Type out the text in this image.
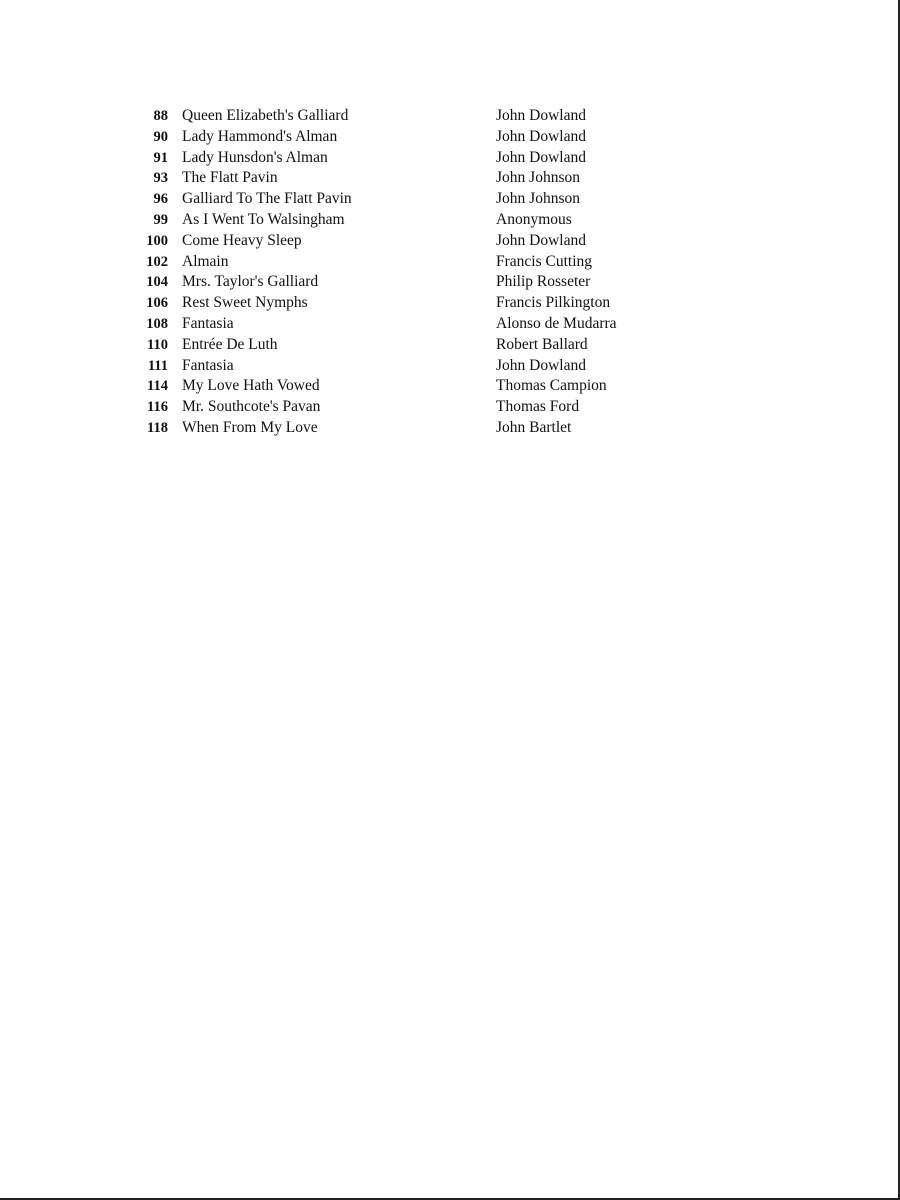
88 Queen Elizabeth's Galliard	John Dowland
90 Lady Hammond's Alman	John Dowland
91 Lady Hunsdon's Alman	John Dowland
93 The Flatt Pavin	John Johnson
96 Galliard To The Flatt Pavin	John Johnson
99 As I Went To Walsingham	Anonymous
100 Come Heavy Sleep	John Dowland
102 Almain	Francis Cutting
104 Mrs. Taylor's Galliard	Philip Rosseter
106 Rest Sweet Nymphs	Francis Pilkington
108 Fantasia	Alonso de Mudarra
110 Entrée De Luth	Robert Ballard
111 Fantasia	John Dowland
114 My Love Hath Vowed	Thomas Campion
116 Mr. Southcote's Pavan	Thomas Ford
118 When From My Love	John Bartlet
